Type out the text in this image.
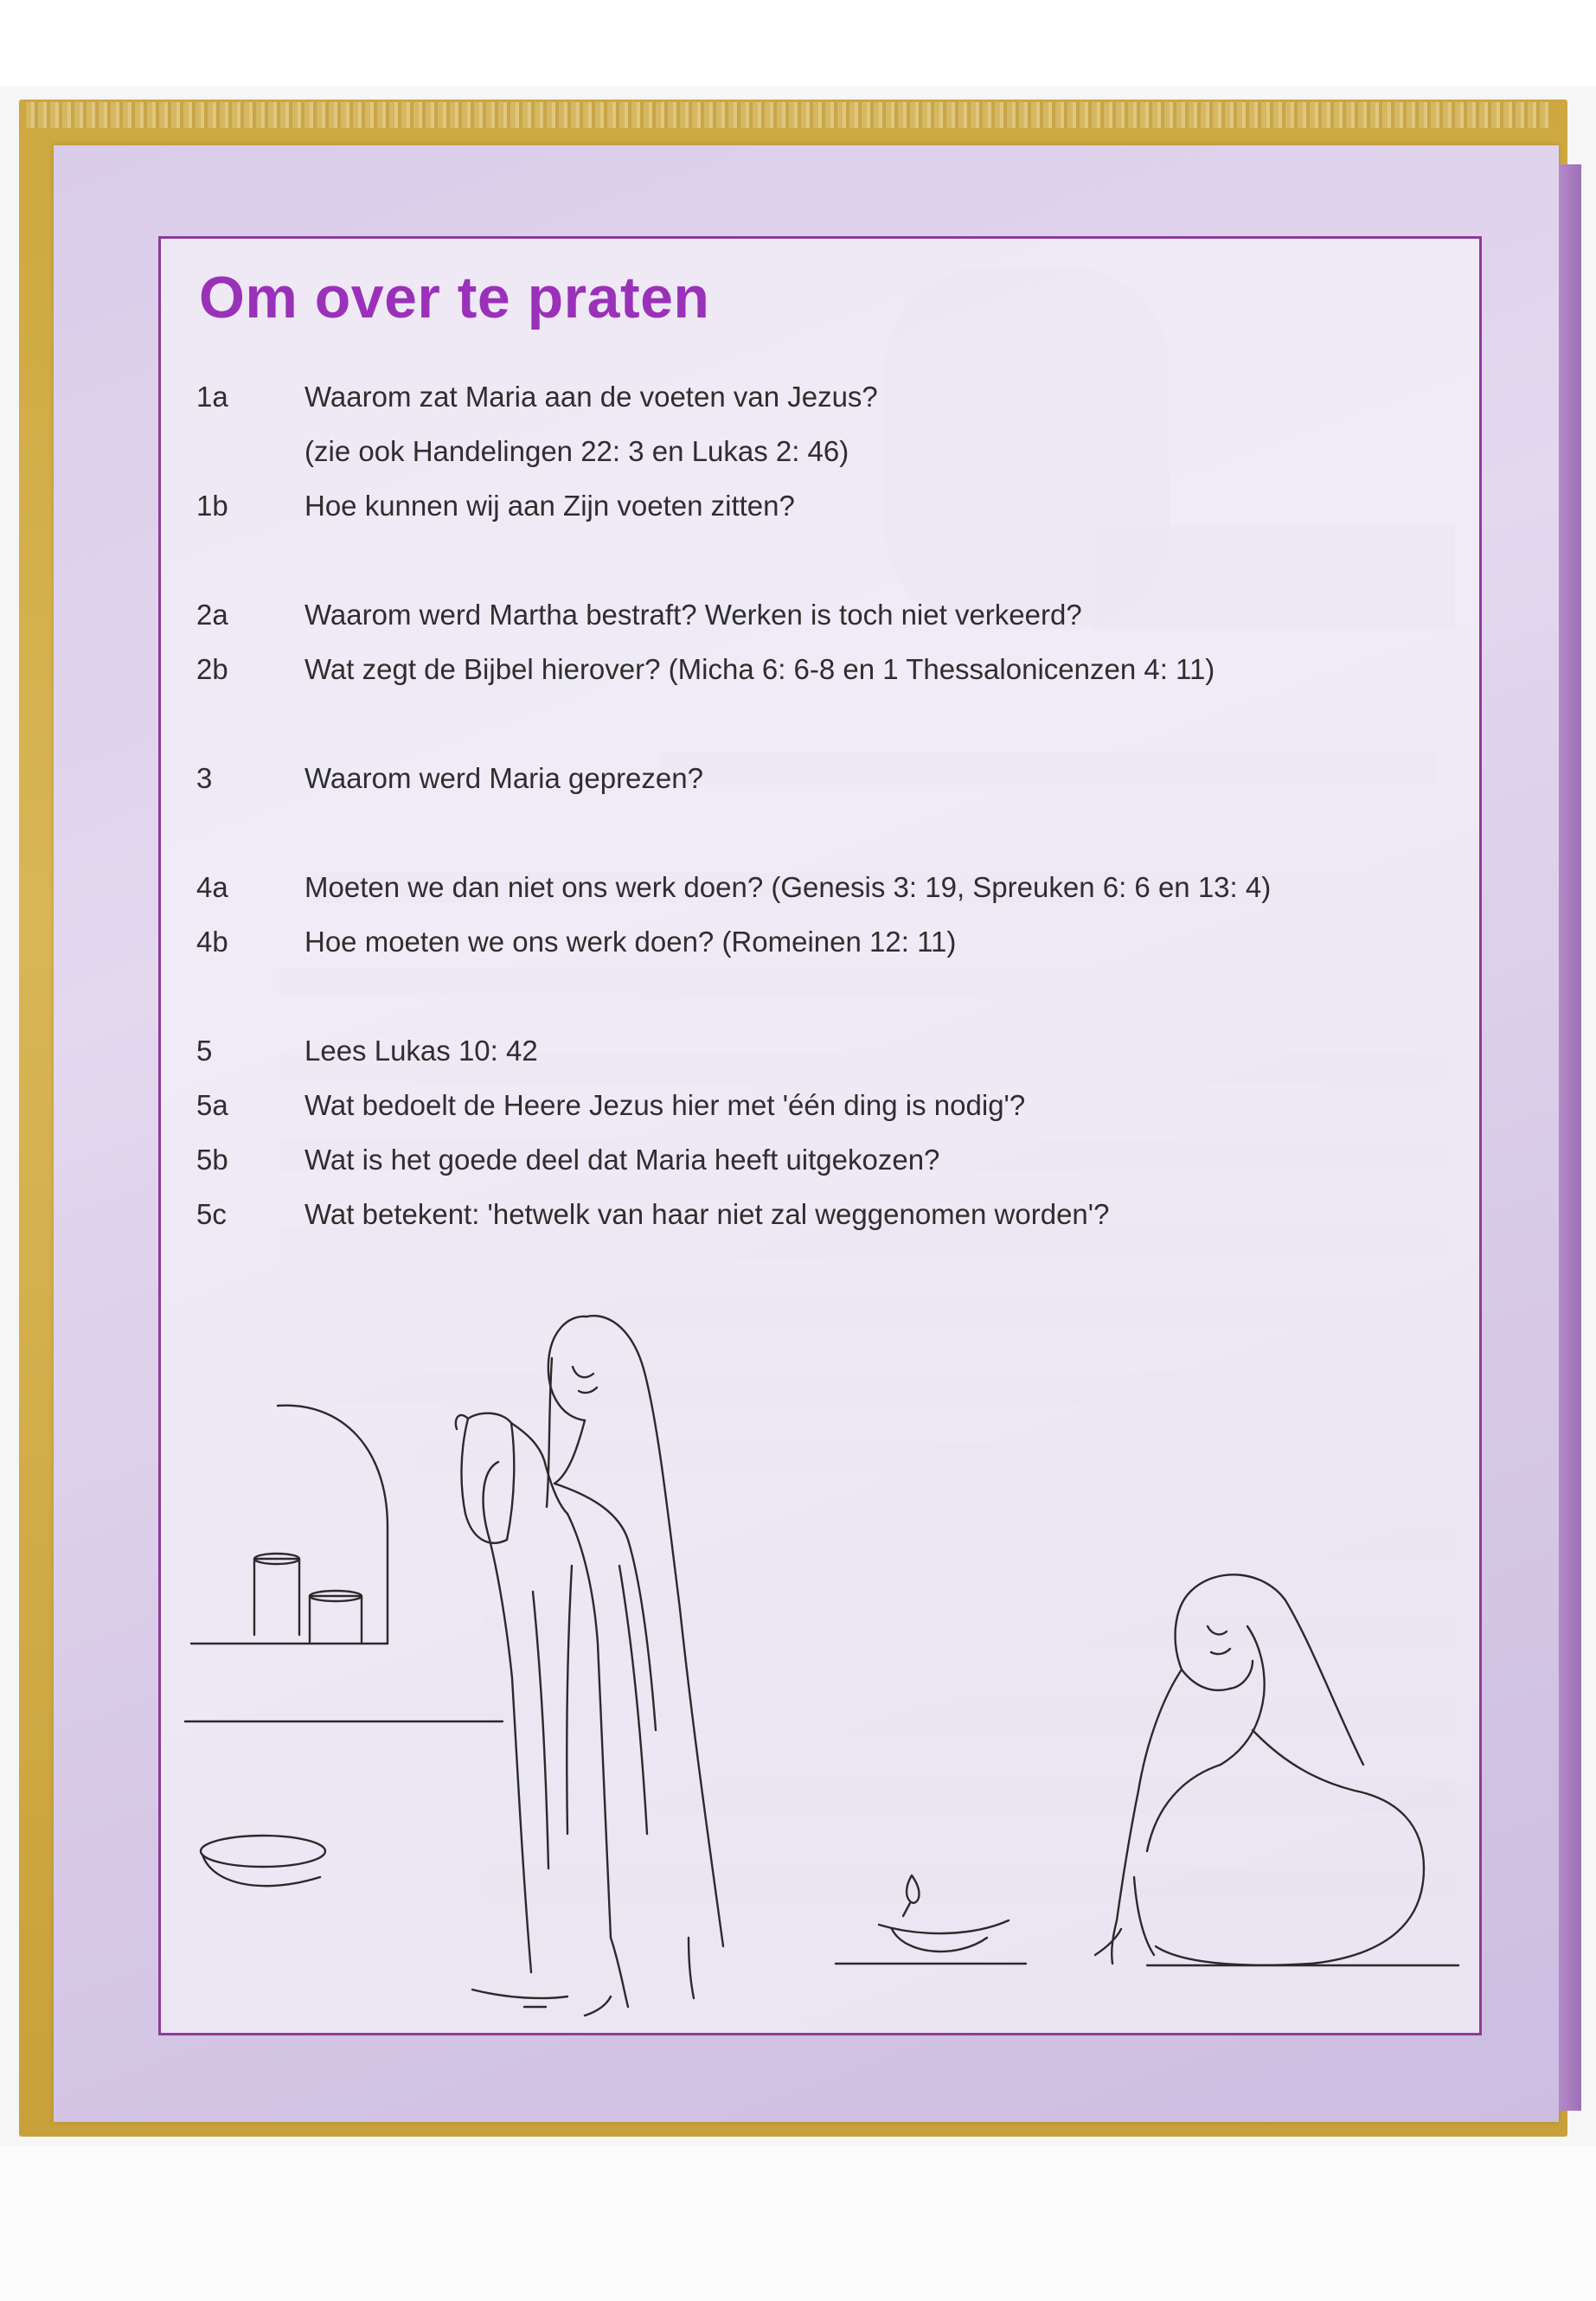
Om over te praten
1a	Waarom zat Maria aan de voeten van Jezus?
(zie ook Handelingen 22: 3 en Lukas 2: 46)
1b	Hoe kunnen wij aan Zijn voeten zitten?
2a	Waarom werd Martha bestraft? Werken is toch niet verkeerd?
2b	Wat zegt de Bijbel hierover? (Micha 6: 6-8 en 1 Thessalonicenzen 4: 11)
3	Waarom werd Maria geprezen?
4a	Moeten we dan niet ons werk doen? (Genesis 3: 19, Spreuken 6: 6 en 13: 4)
4b	Hoe moeten we ons werk doen? (Romeinen 12: 11)
5	Lees Lukas 10: 42
5a	Wat bedoelt de Heere Jezus hier met 'één ding is nodig'?
5b	Wat is het goede deel dat Maria heeft uitgekozen?
5c	Wat betekent: 'hetwelk van haar niet zal weggenomen worden'?
